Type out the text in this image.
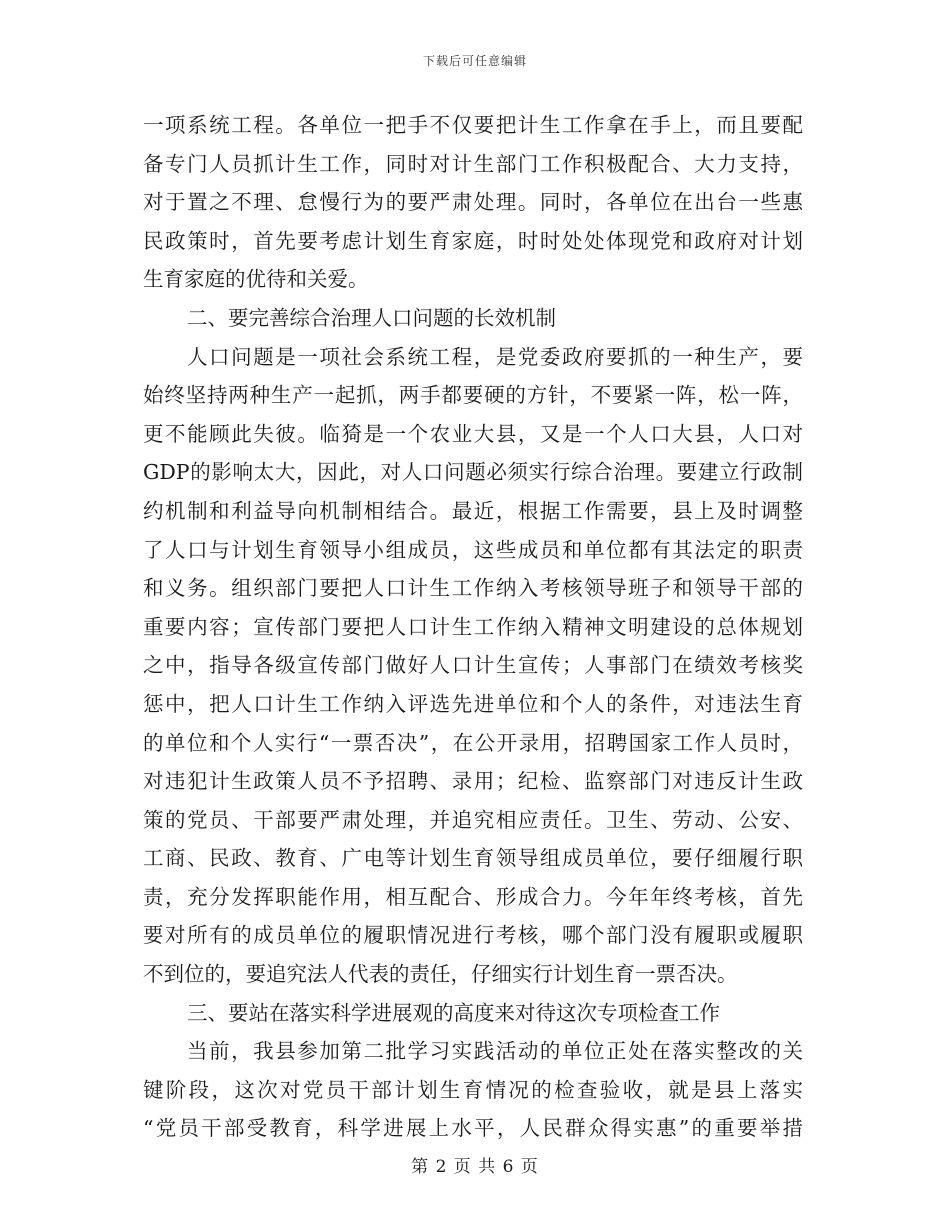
下载后可任意编辑
一项系统工程。各单位一把手不仅要把计生工作拿在手上，而且要配
备专门人员抓计生工作，同时对计生部门工作积极配合、大力支持，
对于置之不理、怠慢行为的要严肃处理。同时，各单位在出台一些惠
民政策时，首先要考虑计划生育家庭，时时处处体现党和政府对计划
生育家庭的优待和关爱。
二、要完善综合治理人口问题的长效机制
人口问题是一项社会系统工程，是党委政府要抓的一种生产，要
始终坚持两种生产一起抓，两手都要硬的方针，不要紧一阵，松一阵，
更不能顾此失彼。临猗是一个农业大县，又是一个人口大县，人口对
GDP的影响太大，因此，对人口问题必须实行综合治理。要建立行政制
约机制和利益导向机制相结合。最近，根据工作需要，县上及时调整
了人口与计划生育领导小组成员，这些成员和单位都有其法定的职责
和义务。组织部门要把人口计生工作纳入考核领导班子和领导干部的
重要内容；宣传部门要把人口计生工作纳入精神文明建设的总体规划
之中，指导各级宣传部门做好人口计生宣传；人事部门在绩效考核奖
惩中，把人口计生工作纳入评选先进单位和个人的条件，对违法生育
的单位和个人实行“一票否决”，在公开录用，招聘国家工作人员时，
对违犯计生政策人员不予招聘、录用；纪检、监察部门对违反计生政
策的党员、干部要严肃处理，并追究相应责任。卫生、劳动、公安、
工商、民政、教育、广电等计划生育领导组成员单位，要仔细履行职
责，充分发挥职能作用，相互配合、形成合力。今年年终考核，首先
要对所有的成员单位的履职情况进行考核，哪个部门没有履职或履职
不到位的，要追究法人代表的责任，仔细实行计划生育一票否决。
三、要站在落实科学进展观的高度来对待这次专项检查工作
当前，我县参加第二批学习实践活动的单位正处在落实整改的关
键阶段，这次对党员干部计划生育情况的检查验收，就是县上落实
“党员干部受教育，科学进展上水平，人民群众得实惠”的重要举措
第 2 页 共 6 页
